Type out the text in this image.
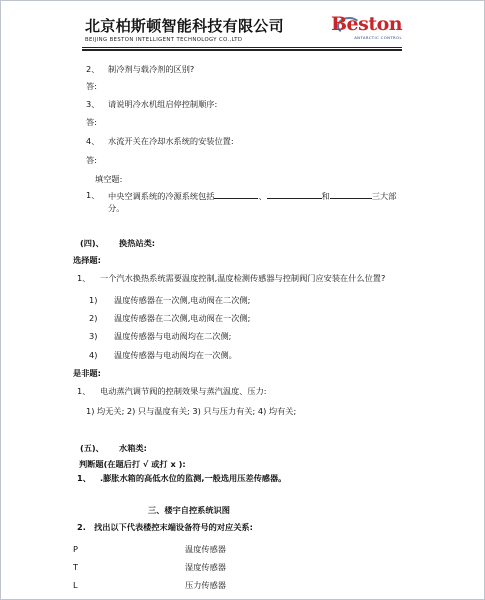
北京柏斯顿智能科技有限公司
BEIJING BESTON INTELLIGENT TECHNOLOGY CO.,LTD
Beston
ANTARCTIC CONTROL
2、 制冷剂与载冷剂的区别?
答:
3、 请说明冷水机组启停控制顺序:
答:
4、 水流开关在冷却水系统的安装位置:
答:
填空题:
1、 中央空调系统的冷源系统包括	、	和	三大部
分。
(四)、 换热站类:
选择题:
1、 一个汽水换热系统需要温度控制,温度检测传感器与控制阀门应安装在什么位置?
1) 温度传感器在一次侧,电动阀在二次侧;
2) 温度传感器在二次侧,电动阀在一次侧;
3) 温度传感器与电动阀均在二次侧;
4) 温度传感器与电动阀均在一次侧。
是非题:
1、 电动蒸汽调节阀的控制效果与蒸汽温度、压力:
1) 均无关; 2) 只与温度有关; 3) 只与压力有关; 4) 均有关;
(五)、 水箱类:
判断题(在题后打 √ 或打 x ):
1、 .膨胀水箱的高低水位的监测,一般选用压差传感器。
三、楼宇自控系统识图
2. 找出以下代表楼控末端设备符号的对应关系:
P	温度传感器
T	湿度传感器
L	压力传感器
